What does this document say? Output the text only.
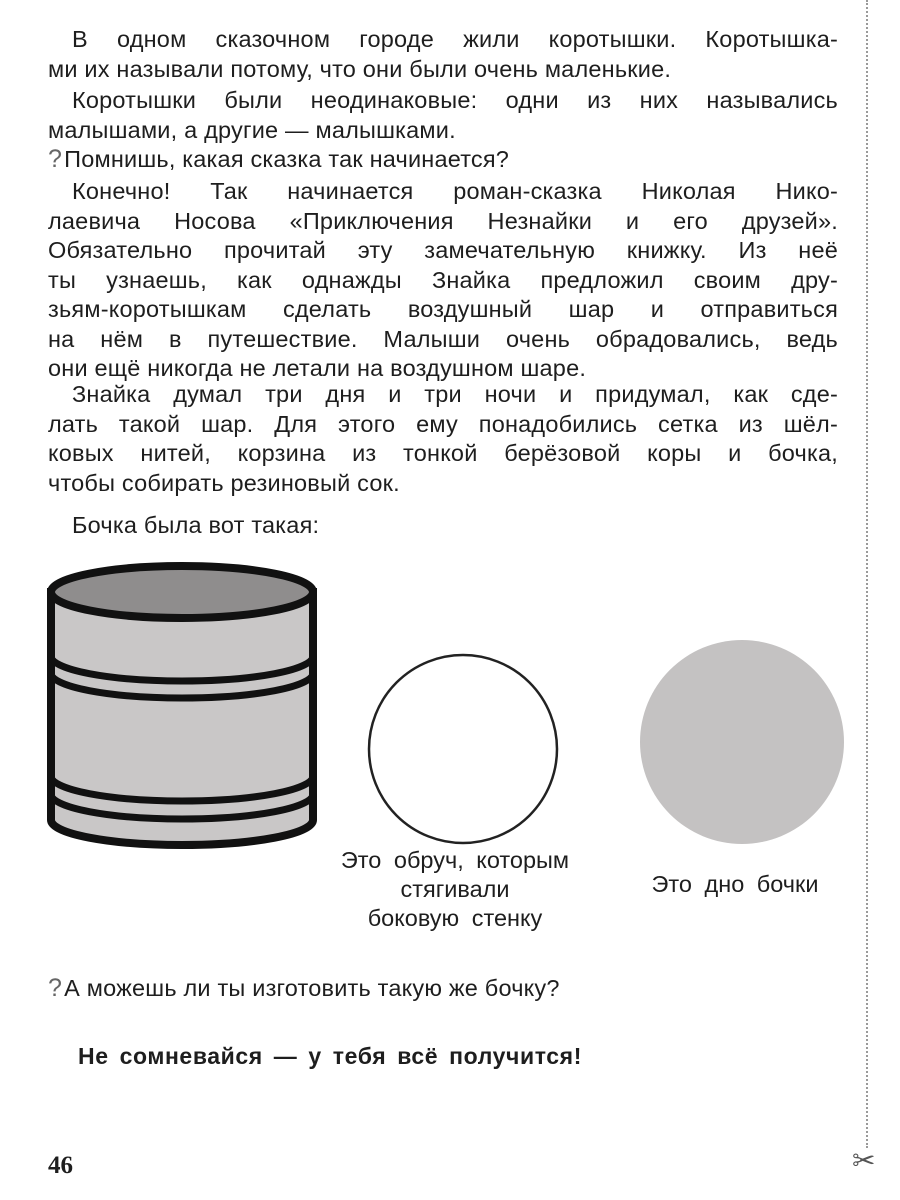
✂

В одном сказочном городе жили коротышки. Коротышка-
ми их называли потому, что они были очень маленькие.

Коротышки были неодинаковые: одни из них назывались
малышами, а другие — малышками.

?Помнишь, какая сказка так начинается?

Конечно! Так начинается роман-сказка Николая Нико-
лаевича Носова «Приключения Незнайки и его друзей».
Обязательно прочитай эту замечательную книжку. Из неё
ты узнаешь, как однажды Знайка предложил своим дру-
зьям-коротышкам сделать воздушный шар и отправиться
на нём в путешествие. Малыши очень обрадовались, ведь
они ещё никогда не летали на воздушном шаре.

Знайка думал три дня и три ночи и придумал, как сде-
лать такой шар. Для этого ему понадобились сетка из шёл-
ковых нитей, корзина из тонкой берёзовой коры и бочка,
чтобы собирать резиновый сок.

Бочка была вот такая:

Это обруч, которым
стягивали
боковую стенку
Это дно бочки

?А можешь ли ты изготовить такую же бочку?

Не сомневайся — у тебя всё получится!
46
